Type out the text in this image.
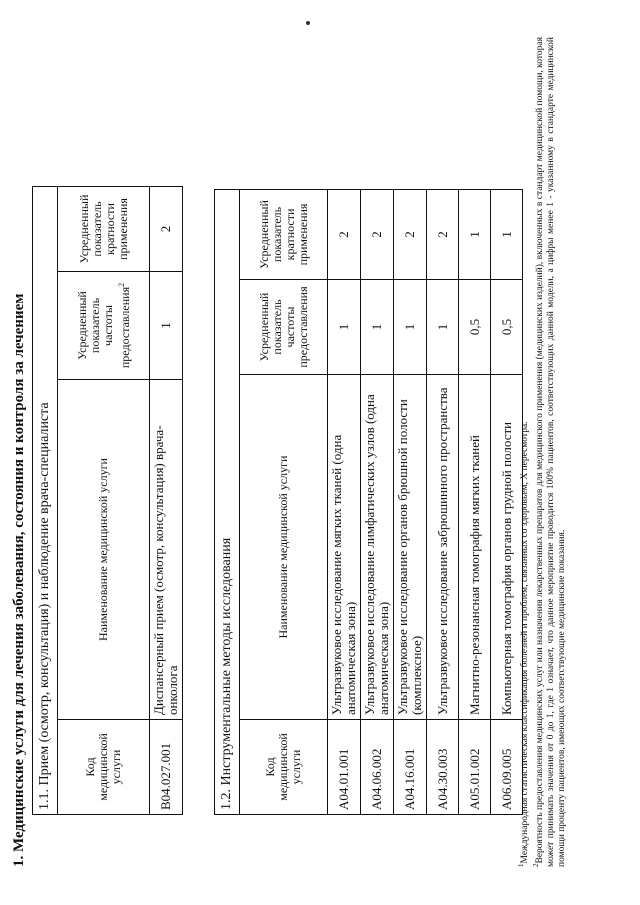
1. Медицинские услуги для лечения заболевания, состояния и контроля за лечением 1.1. Прием (осмотр, консультация) и наблюдение врача-специалиста			
Код медицинской услуги	Наименование медицинской услуги	Усредненный показатель частоты предоставления$^2$	Усредненный показатель кратности применения
B04.027.001	Диспансерный прием (осмотр, консультация) врача-онколога	1	2
1.2. Инструментальные методы исследования			
Код медицинской услуги	Наименование медицинской услуги	Усредненный показатель частоты предоставления	Усредненный показатель кратности применения
A04.01.001	Ультразвуковое исследование мягких тканей (одна анатомическая зона)	1	2
A04.06.002	Ультразвуковое исследование лимфатических узлов (одна анатомическая зона)	1	2
A04.16.001	Ультразвуковое исследование органов брюшной полости (комплексное)	1	2
A04.30.003	Ультразвуковое исследование забрюшинного пространства	1	2
A05.01.002	Магнитно-резонансная томография мягких тканей	0,5	1
A06.09.005	Компьютерная томография органов грудной полости	0,5	1
$^1$Международная статистическая классификация болезней и проблем, связанных со здоровьем, X пересмотра.
$^2$Вероятность предоставления медицинских услуг или назначения лекарственных препаратов для медицинского применения (медицинских изделий), включенных в стандарт медицинской помощи, которая может принимать значения от 0 до 1, где 1 означает, что данное мероприятие проводится 100% пациентов, соответствующих данной модели, а цифры менее 1 - указанному в стандарте медицинской помощи проценту пациентов, имеющих соответствующие медицинские показания.
